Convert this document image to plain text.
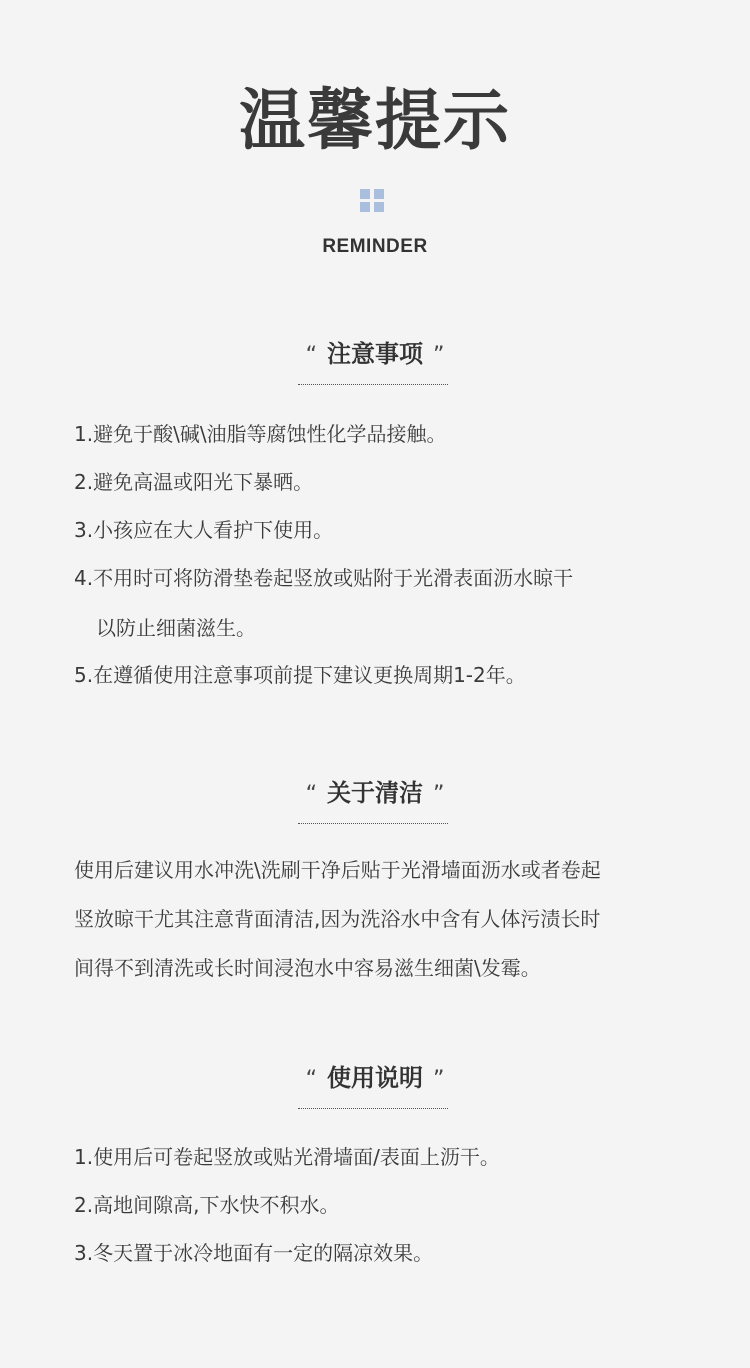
温馨提示
REMINDER
“ 注意事项 ”
1.避免于酸\碱\油脂等腐蚀性化学品接触。
2.避免高温或阳光下暴晒。
3.小孩应在大人看护下使用。
4.不用时可将防滑垫卷起竖放或贴附于光滑表面沥水晾干
以防止细菌滋生。
5.在遵循使用注意事项前提下建议更换周期1-2年。
“ 关于清洁 ”
使用后建议用水冲洗\洗刷干净后贴于光滑墙面沥水或者卷起
竖放晾干尤其注意背面清洁,因为洗浴水中含有人体污渍长时
间得不到清洗或长时间浸泡水中容易滋生细菌\发霉。
“ 使用说明 ”
1.使用后可卷起竖放或贴光滑墙面/表面上沥干。
2.高地间隙高,下水快不积水。
3.冬天置于冰冷地面有一定的隔凉效果。
